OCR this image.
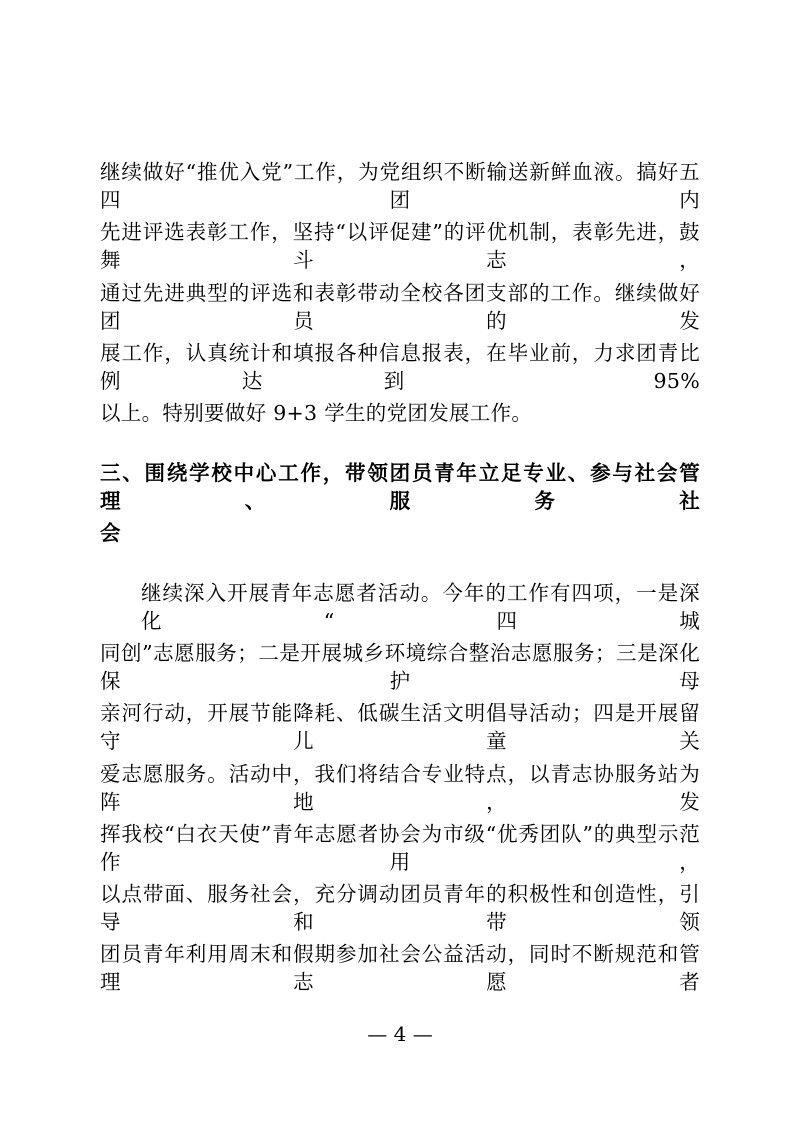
继续做好“推优入党”工作，为党组织不断输送新鲜血液。搞好五四团内
先进评选表彰工作，坚持“以评促建”的评优机制，表彰先进，鼓舞斗志，
通过先进典型的评选和表彰带动全校各团支部的工作。继续做好团员的发
展工作，认真统计和填报各种信息报表，在毕业前，力求团青比例达到 95%
以上。特别要做好 9+3 学生的党团发展工作。
三、围绕学校中心工作，带领团员青年立足专业、参与社会管理、服务社
会
继续深入开展青年志愿者活动。今年的工作有四项，一是深化“四城
同创”志愿服务；二是开展城乡环境综合整治志愿服务；三是深化保护母
亲河行动，开展节能降耗、低碳生活文明倡导活动；四是开展留守儿童关
爱志愿服务。活动中，我们将结合专业特点，以青志协服务站为阵地，发
挥我校“白衣天使”青年志愿者协会为市级“优秀团队”的典型示范作用，
以点带面、服务社会，充分调动团员青年的积极性和创造性，引导和带领
团员青年利用周末和假期参加社会公益活动，同时不断规范和管理志愿者
— 4 —
